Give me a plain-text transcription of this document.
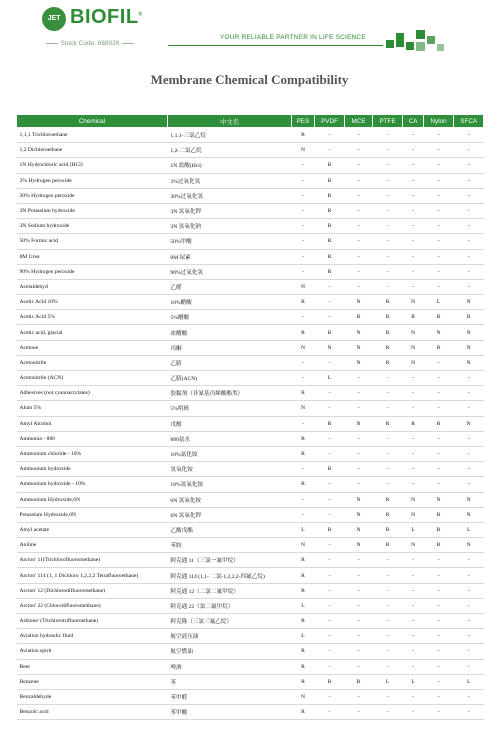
JET BIOFIL®
Stock Code: 688026
YOUR RELIABLE PARTNER IN LIFE SCIENCE
Membrane Chemical Compatibility
Chemical	中文名	PES	PVDF	MCE	PTFE	CA	Nylon	SFCA
1,1,1 Trichloroethane	1,1,1-三氯乙烷	R	-	-	-	-	-	-
1,2 Dichloroethane	1,2-二氯乙烷	N	-	-	-	-	-	-
1N Hydrochloric acid (HCl)	1N 盐酸(Hcl)	-	R	-	-	-	-	-
3% Hydrogen peroxide	3%过氧化氢	-	R	-	-	-	-	-
30% Hydrogen peroxide	30%过氧化氢	-	R	-	-	-	-	-
3N Potassium hydroxide	3N 氢氧化钾	-	R	-	-	-	-	-
3N Sodium hydroxide	3N 氢氧化钠	-	R	-	-	-	-	-
50% Formic acid	50%甲酸	-	R	-	-	-	-	-
8M Urea	8M 尿素	-	R	-	-	-	-	-
90% Hydrogen peroxide	90%过氧化氢	-	R	-	-	-	-	-
Acetaldehyd	乙醛	N	-	-	-	-	-	-
Acetic Acid 10%	10%醋酸	R	-	N	R	N	L	N
Acetic Acid 5%	5%醋酸	-	-	R	R	R	R	R
Acetic acid, glacial	冰醋酸	R	R	N	R	N	N	N
Acetone	丙酮	N	N	N	R	N	R	N
Acetonitrile	乙腈	-	-	N	R	N	-	N
Acetonitrile (ACN)	乙腈(ACN)	-	L	-	-	-	-	-
Adhesives (not cyanoacrylates)	胶黏剂（非氰基丙烯酸酯类）	R	-	-	-	-	-	-
Alum 5%	5%明矾	N	-	-	-	-	-	-
Amyl Alcohol	戊醇	-	R	N	R	R	R	N
Ammonia - 880	880氨水	R	-	-	-	-	-	-
Ammonium chloride - 10%	10%氯化铵	R	-	-	-	-	-	-
Ammonium hydroxide	氢氧化铵	-	R	-	-	-	-	-
Ammonium hydroxide - 10%	10%氢氧化铵	R	-	-	-	-	-	-
Ammonium Hydroxide,6N	6N 氢氧化铵	-	-	N	R	N	N	N
Potassium Hydroxide,6N	6N 氢氧化钾	-	-	N	R	N	R	N
Amyl acetate	乙酸戊酯	L	R	N	R	L	R	L
Aniline	苯胺	N	-	N	R	N	R	N
Arcton' 11(Trichlorofluoromethane)	阿克通 11（三氯一氟甲烷）	R	-	-	-	-	-	-
Arcton' 114 (1, 1 Dichloro 1,2,2,2 Tetrafluoroethane)	阿克通 114 (1,1- 二氯-1,2,2,2-四氟乙烷)	R	-	-	-	-	-	-
Arcton' 12 (Dichlorodifluoromethane)	阿克通 12（二氯二氟甲烷）	R	-	-	-	-	-	-
Arcton' 22 (Chlorodifluoromethane)	阿克通 22（氯二氟甲烷）	L	-	-	-	-	-	-
Arklone' (Trichlorotrifluoroethane)	阿克隆（三氯三氟乙烷）	R	-	-	-	-	-	-
Aviation hydraulic fluid	航空液压油	L	-	-	-	-	-	-
Aviation spirit	航空燃油	R	-	-	-	-	-	-
Beer	啤酒	R	-	-	-	-	-	-
Benzene	苯	R	R	R	L	L	-	L
Benzaldehyde	苯甲醛	N	-	-	-	-	-	-
Benzoic acid	苯甲酸	R	-	-	-	-	-	-
